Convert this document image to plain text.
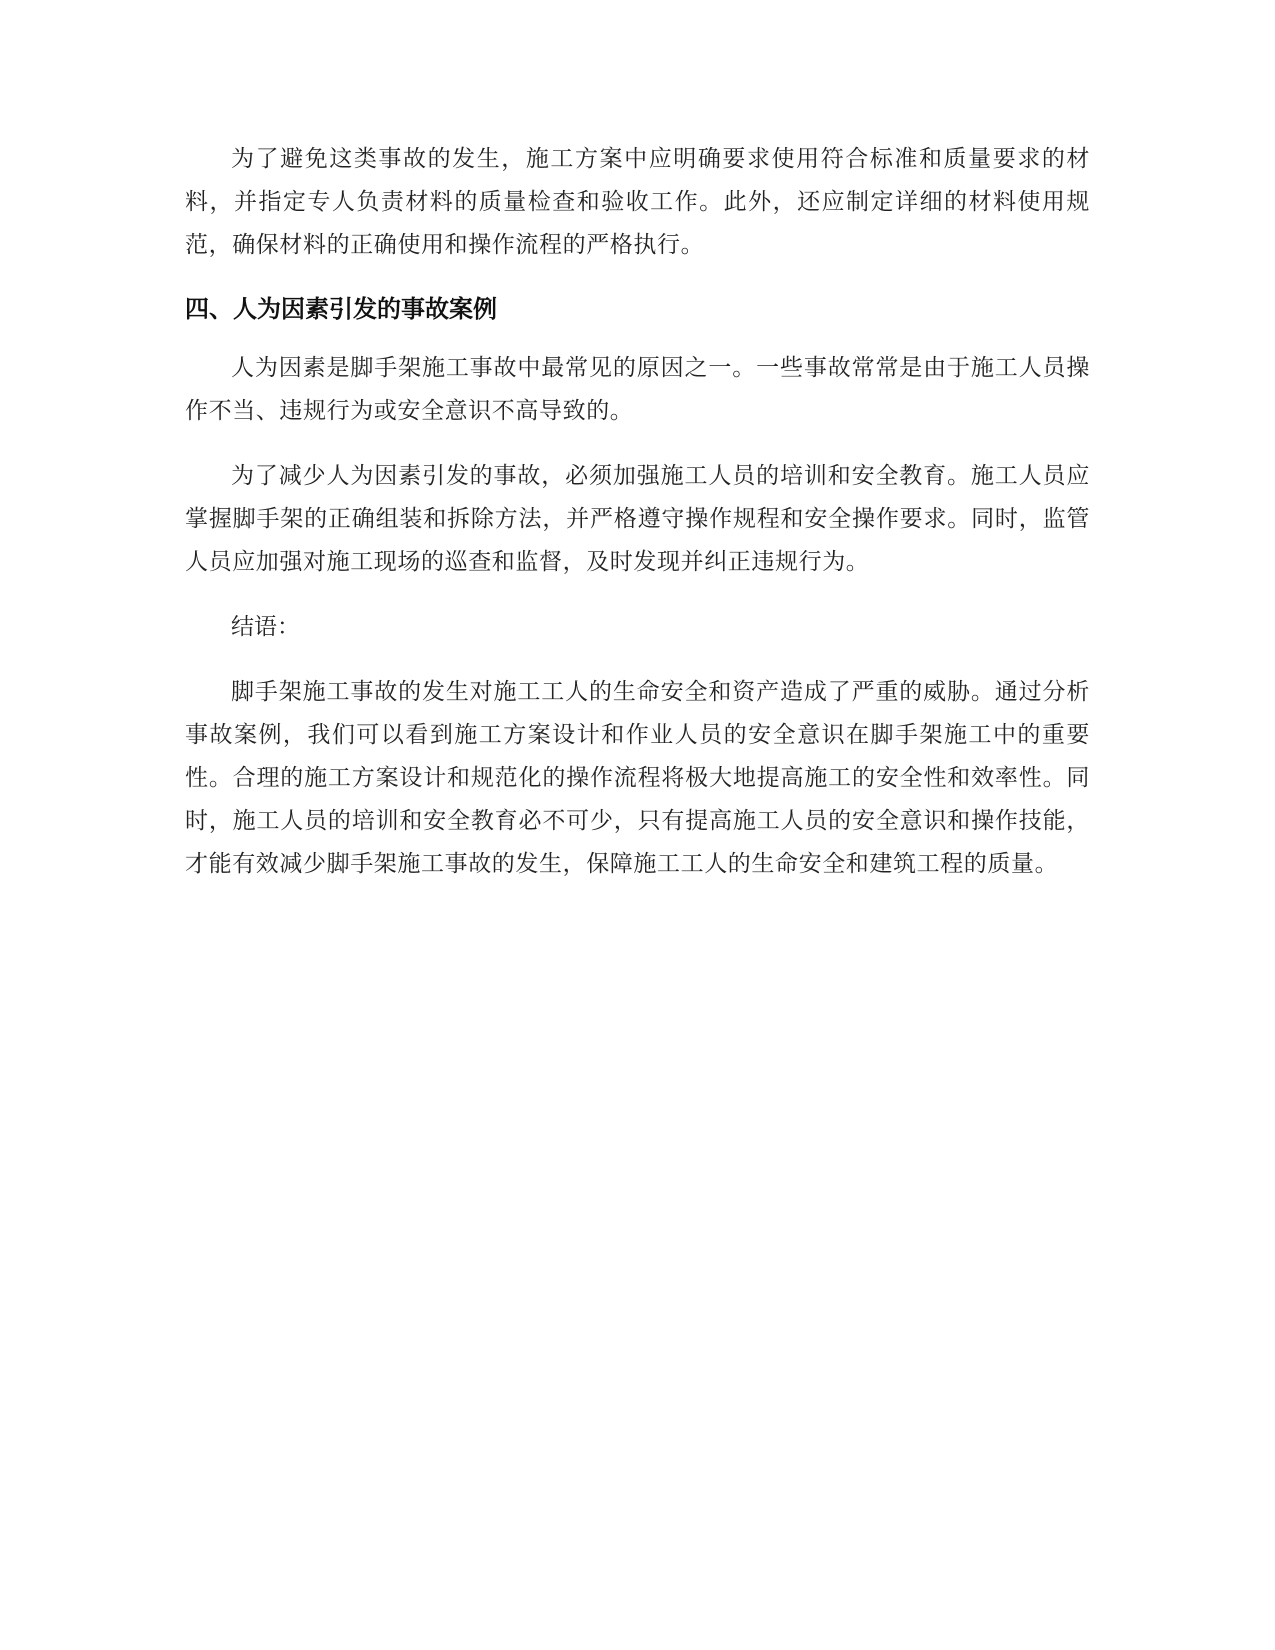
为了避免这类事故的发生，施工方案中应明确要求使用符合标准和质量要求的材料，并指定专人负责材料的质量检查和验收工作。此外，还应制定详细的材料使用规范，确保材料的正确使用和操作流程的严格执行。

四、人为因素引发的事故案例

人为因素是脚手架施工事故中最常见的原因之一。一些事故常常是由于施工人员操作不当、违规行为或安全意识不高导致的。

为了减少人为因素引发的事故，必须加强施工人员的培训和安全教育。施工人员应掌握脚手架的正确组装和拆除方法，并严格遵守操作规程和安全操作要求。同时，监管人员应加强对施工现场的巡查和监督，及时发现并纠正违规行为。

结语：

脚手架施工事故的发生对施工工人的生命安全和资产造成了严重的威胁。通过分析事故案例，我们可以看到施工方案设计和作业人员的安全意识在脚手架施工中的重要性。合理的施工方案设计和规范化的操作流程将极大地提高施工的安全性和效率性。同时，施工人员的培训和安全教育必不可少，只有提高施工人员的安全意识和操作技能，才能有效减少脚手架施工事故的发生，保障施工工人的生命安全和建筑工程的质量。
